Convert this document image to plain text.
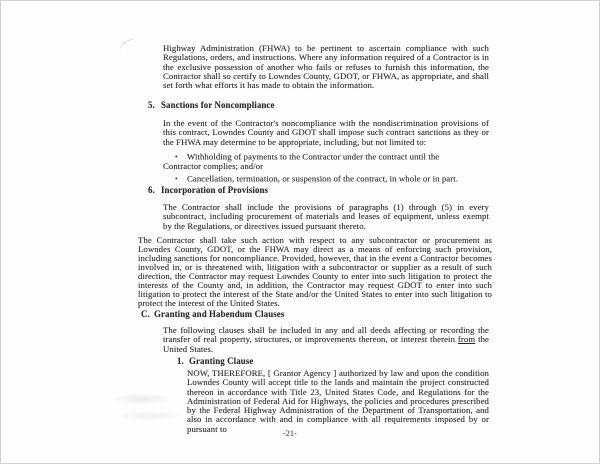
Highway Administration (FHWA) to be pertinent to ascertain compliance with such Regulations, orders, and instructions. Where any information required of a Contractor is in the exclusive possession of another who fails or refuses to furnish this information, the Contractor shall so certify to Lowndes County, GDOT, or FHWA, as appropriate, and shall set forth what efforts it has made to obtain the information.
5. Sanctions for Noncompliance
In the event of the Contractor's noncompliance with the nondiscrimination provisions of this contract, Lowndes County and GDOT shall impose such contract sanctions as they or the FHWA may determine to be appropriate, including, but not limited to:
• Withholding of payments to the Contractor under the contract until the Contractor complies; and/or
• Cancellation, termination, or suspension of the contract, in whole or in part.
6. Incorporation of Provisions
The Contractor shall include the provisions of paragraphs (1) through (5) in every subcontract, including procurement of materials and leases of equipment, unless exempt by the Regulations, or directives issued pursuant thereto.
The Contractor shall take such action with respect to any subcontractor or procurement as Lowndes County, GDOT, or the FHWA may direct as a means of enforcing such provision, including sanctions for noncompliance. Provided, however, that in the event a Contractor becomes involved in, or is threatened with, litigation with a subcontractor or supplier as a result of such direction, the Contractor may request Lowndes County to enter into such litigation to protect the interests of the County and, in addition, the Contractor may request GDOT to enter into such litigation to protect the interest of the State and/or the United States to enter into such litigation to protect the interest of the United States.
C. Granting and Habendum Clauses
The following clauses shall be included in any and all deeds affecting or recording the transfer of real property, structures, or improvements thereon, or interest therein from the United States.
1. Granting Clause
NOW, THEREFORE, [ Grantor Agency ] authorized by law and upon the condition Lowndes County will accept title to the lands and maintain the project constructed thereon in accordance with Title 23, United States Code, and Regulations for the Administration of Federal Aid for Highways, the policies and procedures prescribed by the Federal Highway Administration of the Department of Transportation, and also in accordance with and in compliance with all requirements imposed by or pursuant to	-21-
